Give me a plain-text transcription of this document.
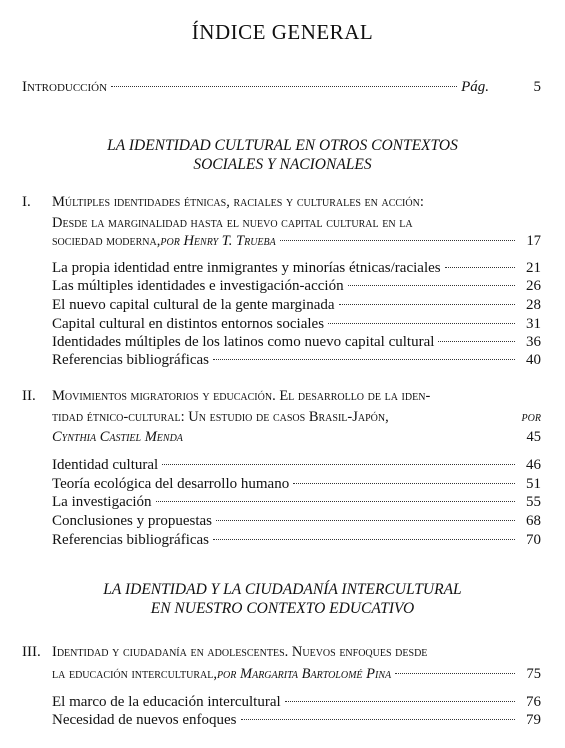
ÍNDICE GENERAL
Introducción	Pág.	5
LA IDENTIDAD CULTURAL EN OTROS CONTEXTOS
SOCIALES Y NACIONALES
I. Múltiples identidades étnicas, raciales y culturales en acción:
Desde la marginalidad hasta el nuevo capital cultural en la
sociedad moderna, por Henry T. Trueba	17
La propia identidad entre inmigrantes y minorías étnicas/raciales	21
Las múltiples identidades e investigación-acción	26
El nuevo capital cultural de la gente marginada	28
Capital cultural en distintos entornos sociales	31
Identidades múltiples de los latinos como nuevo capital cultural	36
Referencias bibliográficas	40
II. Movimientos migratorios y educación. El desarrollo de la iden-
tidad étnico-cultural: Un estudio de casos Brasil-Japón,	por
Cynthia Castiel Menda	45
Identidad cultural	46
Teoría ecológica del desarrollo humano	51
La investigación	55
Conclusiones y propuestas	68
Referencias bibliográficas	70
LA IDENTIDAD Y LA CIUDADANÍA INTERCULTURAL
EN NUESTRO CONTEXTO EDUCATIVO
III. Identidad y ciudadanía en adolescentes. Nuevos enfoques desde
la educación intercultural, por Margarita Bartolomé Pina	75
El marco de la educación intercultural	76
Necesidad de nuevos enfoques	79
